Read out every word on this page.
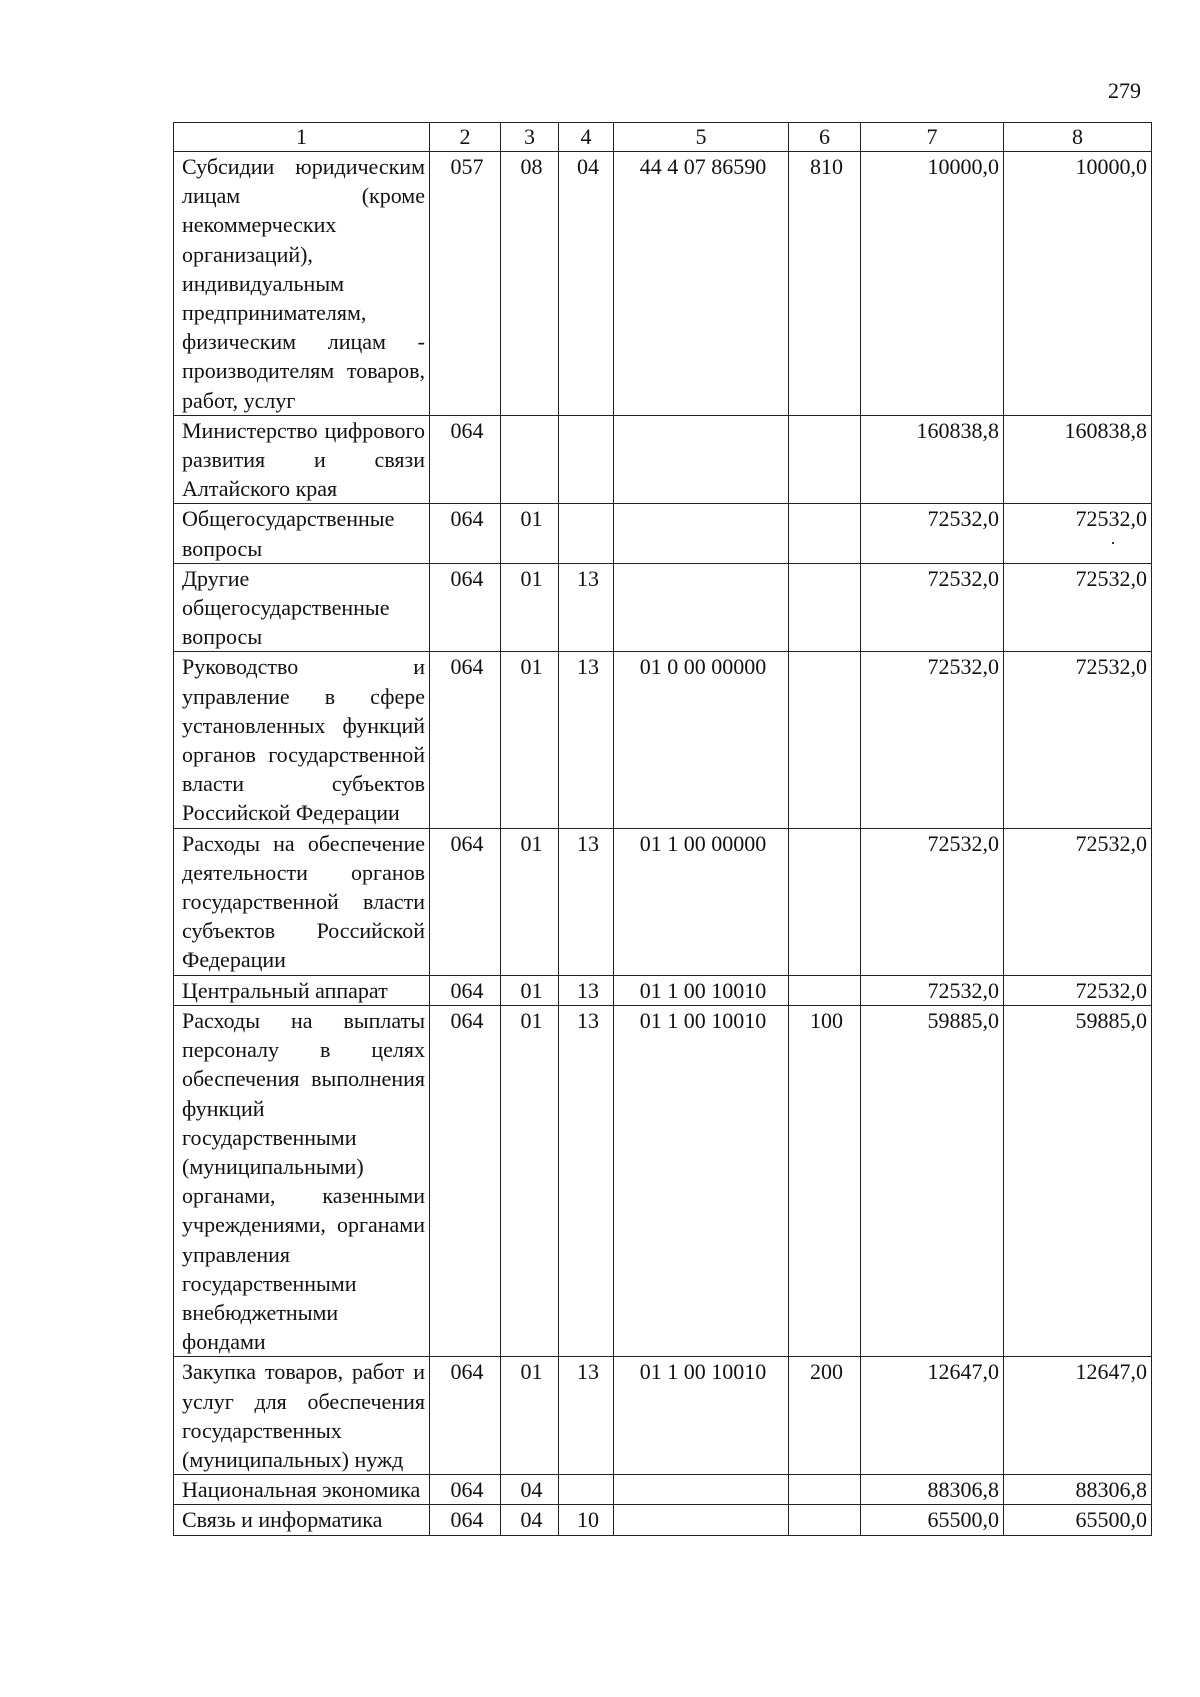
279
1	2	3	4	5	6	7	8
Субсидии юридическим лицам (кроме некоммерческих организаций), индивидуальным предпринимателям, физическим лицам - производителям товаров, работ, услуг	057	08	04	44 4 07 86590	810	10000,0	10000,0
Министерство цифрового развития и связи Алтайского края	064					160838,8	160838,8
Общегосударственные вопросы	064	01				72532,0	72532,0
Другие общегосударственные вопросы	064	01	13			72532,0	72532,0
Руководство и управление в сфере установленных функций органов государственной власти субъектов Российской Федерации	064	01	13	01 0 00 00000		72532,0	72532,0
Расходы на обеспечение деятельности органов государственной власти субъектов Российской Федерации	064	01	13	01 1 00 00000		72532,0	72532,0
Центральный аппарат	064	01	13	01 1 00 10010		72532,0	72532,0
Расходы на выплаты персоналу в целях обеспечения выполнения функций государственными (муниципальными) органами, казенными учреждениями, органами управления государственными внебюджетными фондами	064	01	13	01 1 00 10010	100	59885,0	59885,0
Закупка товаров, работ и услуг для обеспечения государственных (муниципальных) нужд	064	01	13	01 1 00 10010	200	12647,0	12647,0
Национальная экономика	064	04				88306,8	88306,8
Связь и информатика	064	04	10			65500,0	65500,0
